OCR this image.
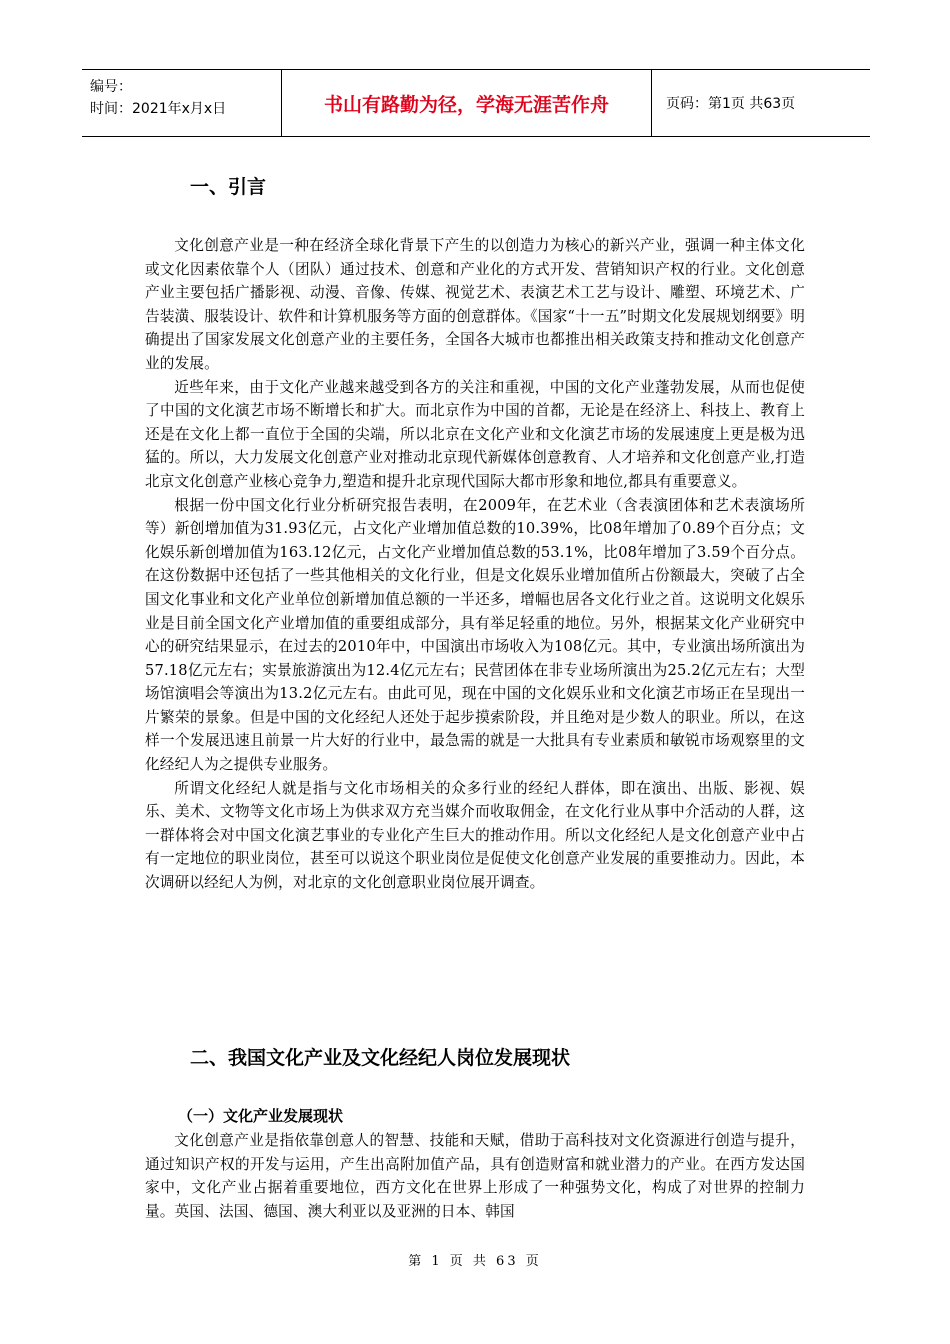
编号：
时间：2021年x月x日	书山有路勤为径，学海无涯苦作舟	页码：第1页 共63页
一、引言

文化创意产业是一种在经济全球化背景下产生的以创造力为核心的新兴产业，强调一种主体文化或文化因素依靠个人（团队）通过技术、创意和产业化的方式开发、营销知识产权的行业。文化创意产业主要包括广播影视、动漫、音像、传媒、视觉艺术、表演艺术工艺与设计、雕塑、环境艺术、广告装潢、服装设计、软件和计算机服务等方面的创意群体。《国家“十一五”时期文化发展规划纲要》明确提出了国家发展文化创意产业的主要任务，全国各大城市也都推出相关政策支持和推动文化创意产业的发展。

近些年来，由于文化产业越来越受到各方的关注和重视，中国的文化产业蓬勃发展，从而也促使了中国的文化演艺市场不断增长和扩大。而北京作为中国的首都，无论是在经济上、科技上、教育上还是在文化上都一直位于全国的尖端，所以北京在文化产业和文化演艺市场的发展速度上更是极为迅猛的。所以，大力发展文化创意产业对推动北京现代新媒体创意教育、人才培养和文化创意产业,打造北京文化创意产业核心竞争力,塑造和提升北京现代国际大都市形象和地位,都具有重要意义。

根据一份中国文化行业分析研究报告表明，在2009年，在艺术业（含表演团体和艺术表演场所等）新创增加值为31.93亿元，占文化产业增加值总数的10.39%，比08年增加了0.89个百分点；文化娱乐新创增加值为163.12亿元，占文化产业增加值总数的53.1%，比08年增加了3.59个百分点。在这份数据中还包括了一些其他相关的文化行业，但是文化娱乐业增加值所占份额最大，突破了占全国文化事业和文化产业单位创新增加值总额的一半还多，增幅也居各文化行业之首。这说明文化娱乐业是目前全国文化产业增加值的重要组成部分，具有举足轻重的地位。另外，根据某文化产业研究中心的研究结果显示，在过去的2010年中，中国演出市场收入为108亿元。其中，专业演出场所演出为57.18亿元左右；实景旅游演出为12.4亿元左右；民营团体在非专业场所演出为25.2亿元左右；大型场馆演唱会等演出为13.2亿元左右。由此可见，现在中国的文化娱乐业和文化演艺市场正在呈现出一片繁荣的景象。但是中国的文化经纪人还处于起步摸索阶段，并且绝对是少数人的职业。所以，在这样一个发展迅速且前景一片大好的行业中，最急需的就是一大批具有专业素质和敏锐市场观察里的文化经纪人为之提供专业服务。

所谓文化经纪人就是指与文化市场相关的众多行业的经纪人群体，即在演出、出版、影视、娱乐、美术、文物等文化市场上为供求双方充当媒介而收取佣金，在文化行业从事中介活动的人群，这一群体将会对中国文化演艺事业的专业化产生巨大的推动作用。所以文化经纪人是文化创意产业中占有一定地位的职业岗位，甚至可以说这个职业岗位是促使文化创意产业发展的重要推动力。因此，本次调研以经纪人为例，对北京的文化创意职业岗位展开调查。

二、我国文化产业及文化经纪人岗位发展现状
（一）文化产业发展现状

文化创意产业是指依靠创意人的智慧、技能和天赋，借助于高科技对文化资源进行创造与提升，通过知识产权的开发与运用，产生出高附加值产品，具有创造财富和就业潜力的产业。在西方发达国家中，文化产业占据着重要地位，西方文化在世界上形成了一种强势文化，构成了对世界的控制力量。英国、法国、德国、澳大利亚以及亚洲的日本、韩国

第 1 页 共 63 页
